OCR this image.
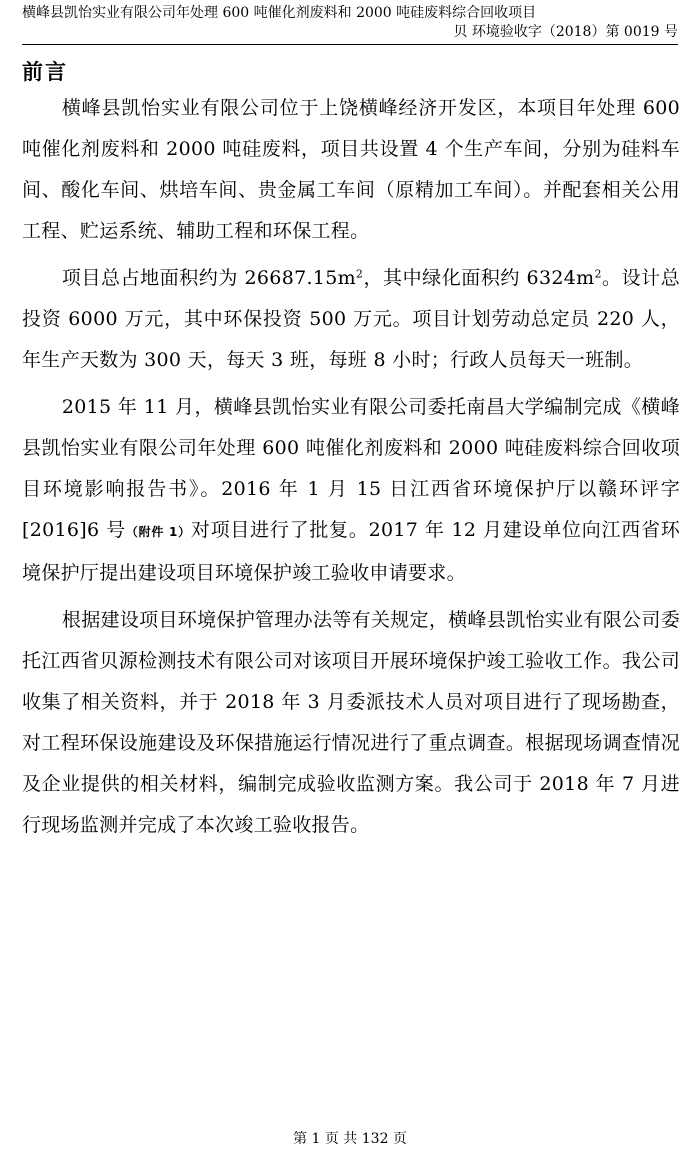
横峰县凯怡实业有限公司年处理 600 吨催化剂废料和 2000 吨硅废料综合回收项目
贝 环境验收字（2018）第 0019 号
前言

横峰县凯怡实业有限公司位于上饶横峰经济开发区，本项目年处理 600 吨催化剂废料和 2000 吨硅废料，项目共设置 4 个生产车间，分别为硅料车间、酸化车间、烘培车间、贵金属工车间（原精加工车间）。并配套相关公用工程、贮运系统、辅助工程和环保工程。

项目总占地面积约为 $26687.15m^2$，其中绿化面积约 $6324m^2$。设计总投资 6000 万元，其中环保投资 500 万元。项目计划劳动总定员 220 人，年生产天数为 300 天，每天 3 班，每班 8 小时；行政人员每天一班制。

2015 年 11 月，横峰县凯怡实业有限公司委托南昌大学编制完成《横峰县凯怡实业有限公司年处理 600 吨催化剂废料和 2000 吨硅废料综合回收项目环境影响报告书》。2016 年 1 月 15 日江西省环境保护厅以赣环评字[2016]6 号（附件 1）对项目进行了批复。2017 年 12 月建设单位向江西省环境保护厅提出建设项目环境保护竣工验收申请要求。

根据建设项目环境保护管理办法等有关规定，横峰县凯怡实业有限公司委托江西省贝源检测技术有限公司对该项目开展环境保护竣工验收工作。我公司收集了相关资料，并于 2018 年 3 月委派技术人员对项目进行了现场勘查，对工程环保设施建设及环保措施运行情况进行了重点调查。根据现场调查情况及企业提供的相关材料，编制完成验收监测方案。我公司于 2018 年 7 月进行现场监测并完成了本次竣工验收报告。

第 1 页 共 132 页
